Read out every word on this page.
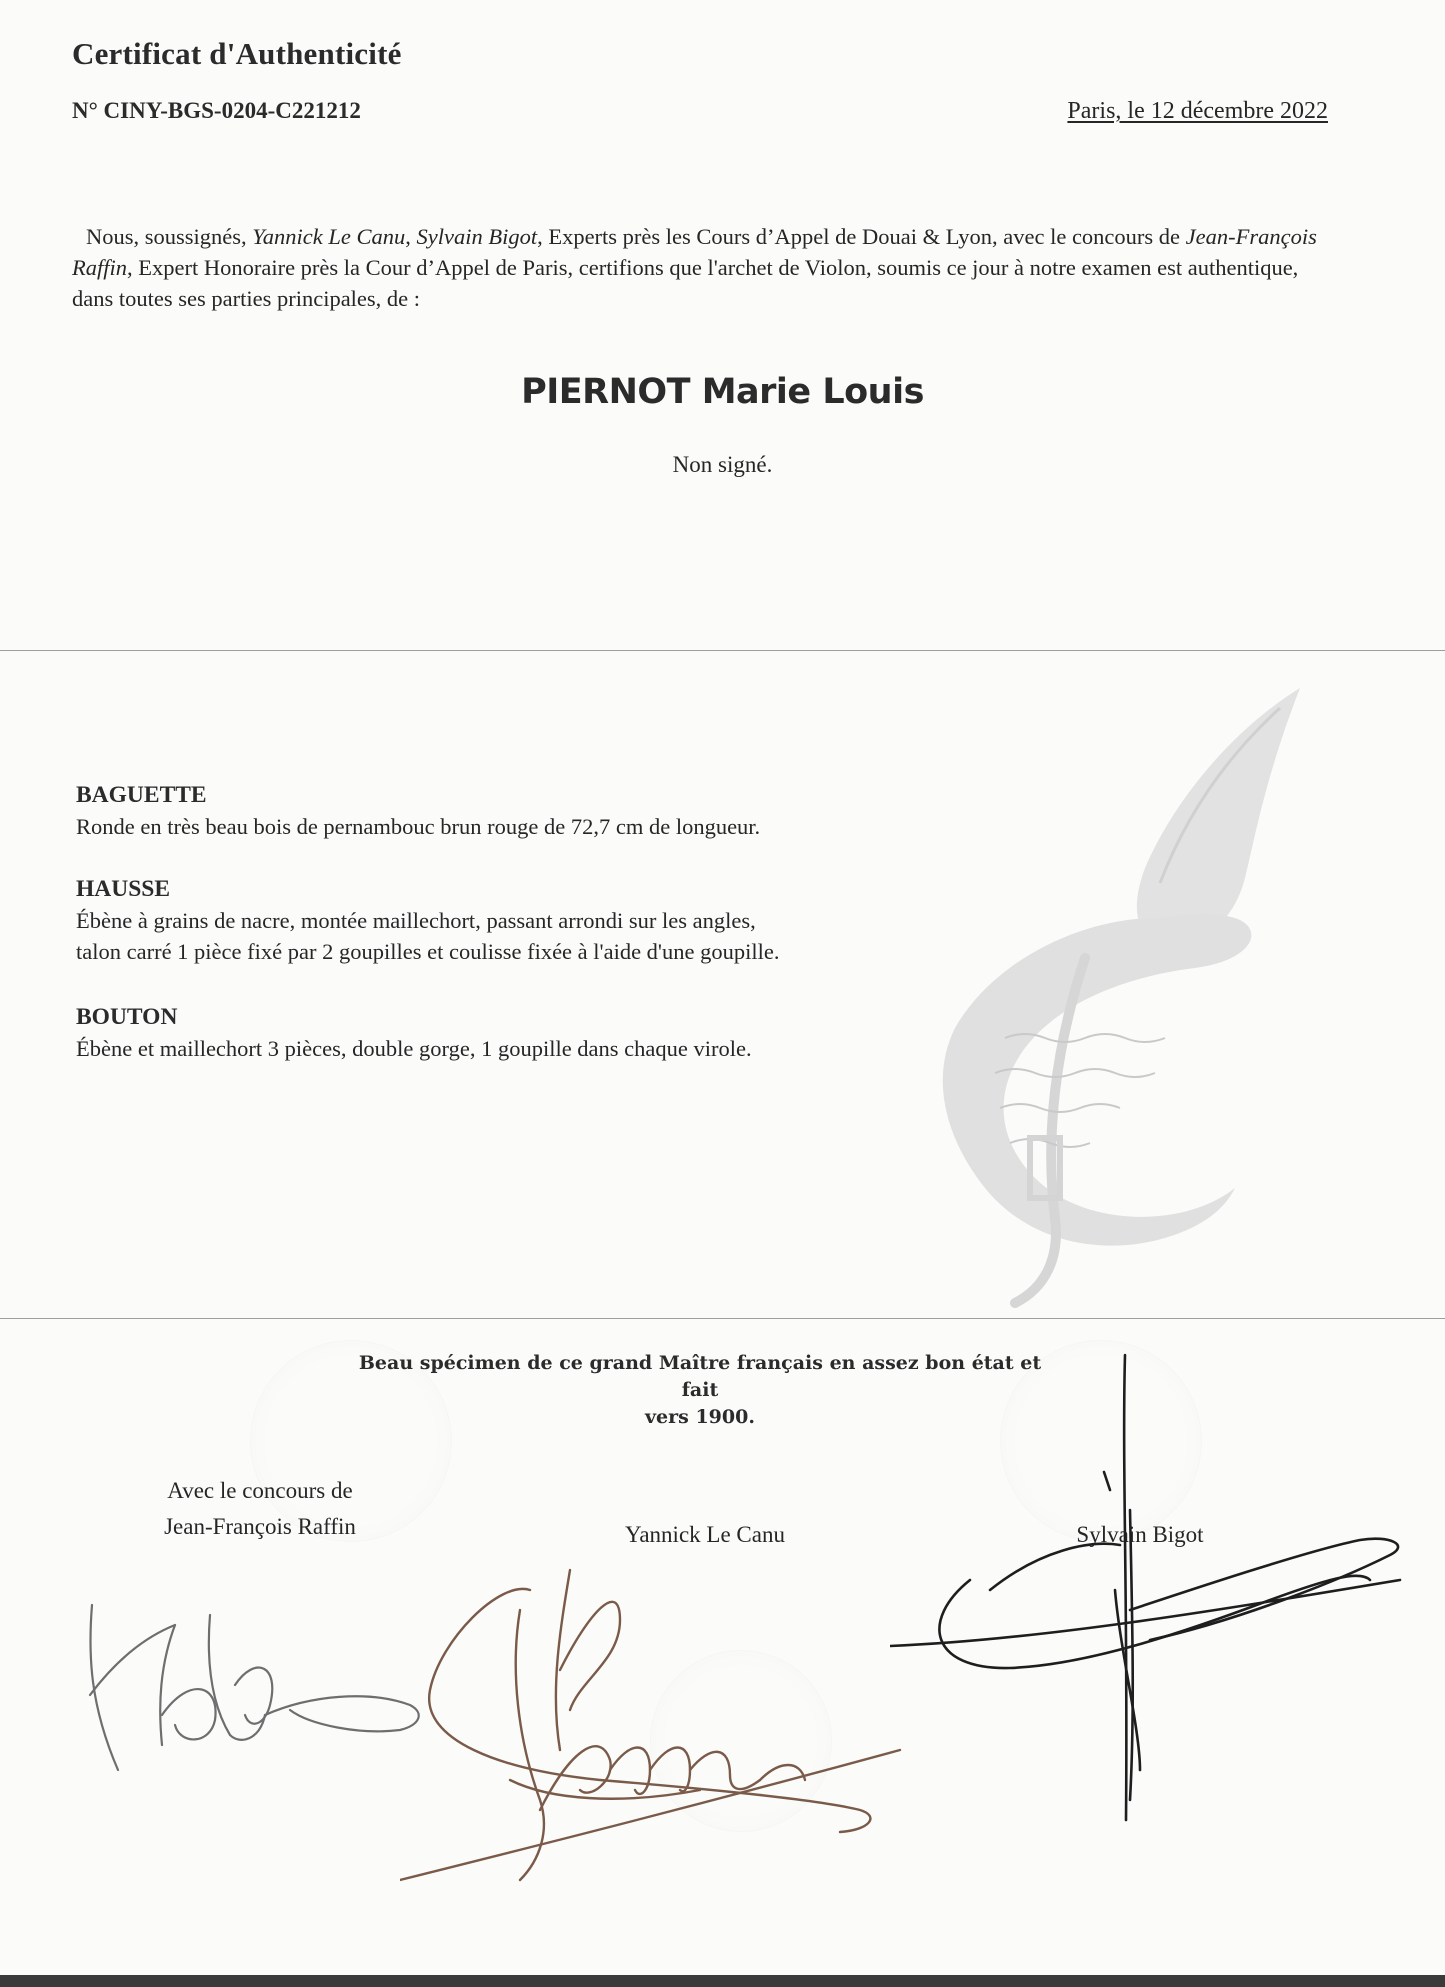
Certificat d'Authenticité
N° CINY-BGS-0204-C221212	Paris, le 12 décembre 2022
Nous, soussignés, Yannick Le Canu, Sylvain Bigot, Experts près les Cours d’Appel de Douai & Lyon, avec le concours de Jean-François Raffin, Expert Honoraire près la Cour d’Appel de Paris, certifions que l'archet de Violon, soumis ce jour à notre examen est authentique, dans toutes ses parties principales, de :
PIERNOT Marie Louis
Non signé.
BAGUETTE
Ronde en très beau bois de pernambouc brun rouge de 72,7 cm de longueur.
HAUSSE
Ébène à grains de nacre, montée maillechort, passant arrondi sur les angles,
talon carré 1 pièce fixé par 2 goupilles et coulisse fixée à l'aide d'une goupille.
BOUTON
Ébène et maillechort 3 pièces, double gorge, 1 goupille dans chaque virole.
Beau spécimen de ce grand Maître français en assez bon état et fait
vers 1900.
Avec le concours de
Jean-François Raffin	Yannick Le Canu	Sylvain Bigot
